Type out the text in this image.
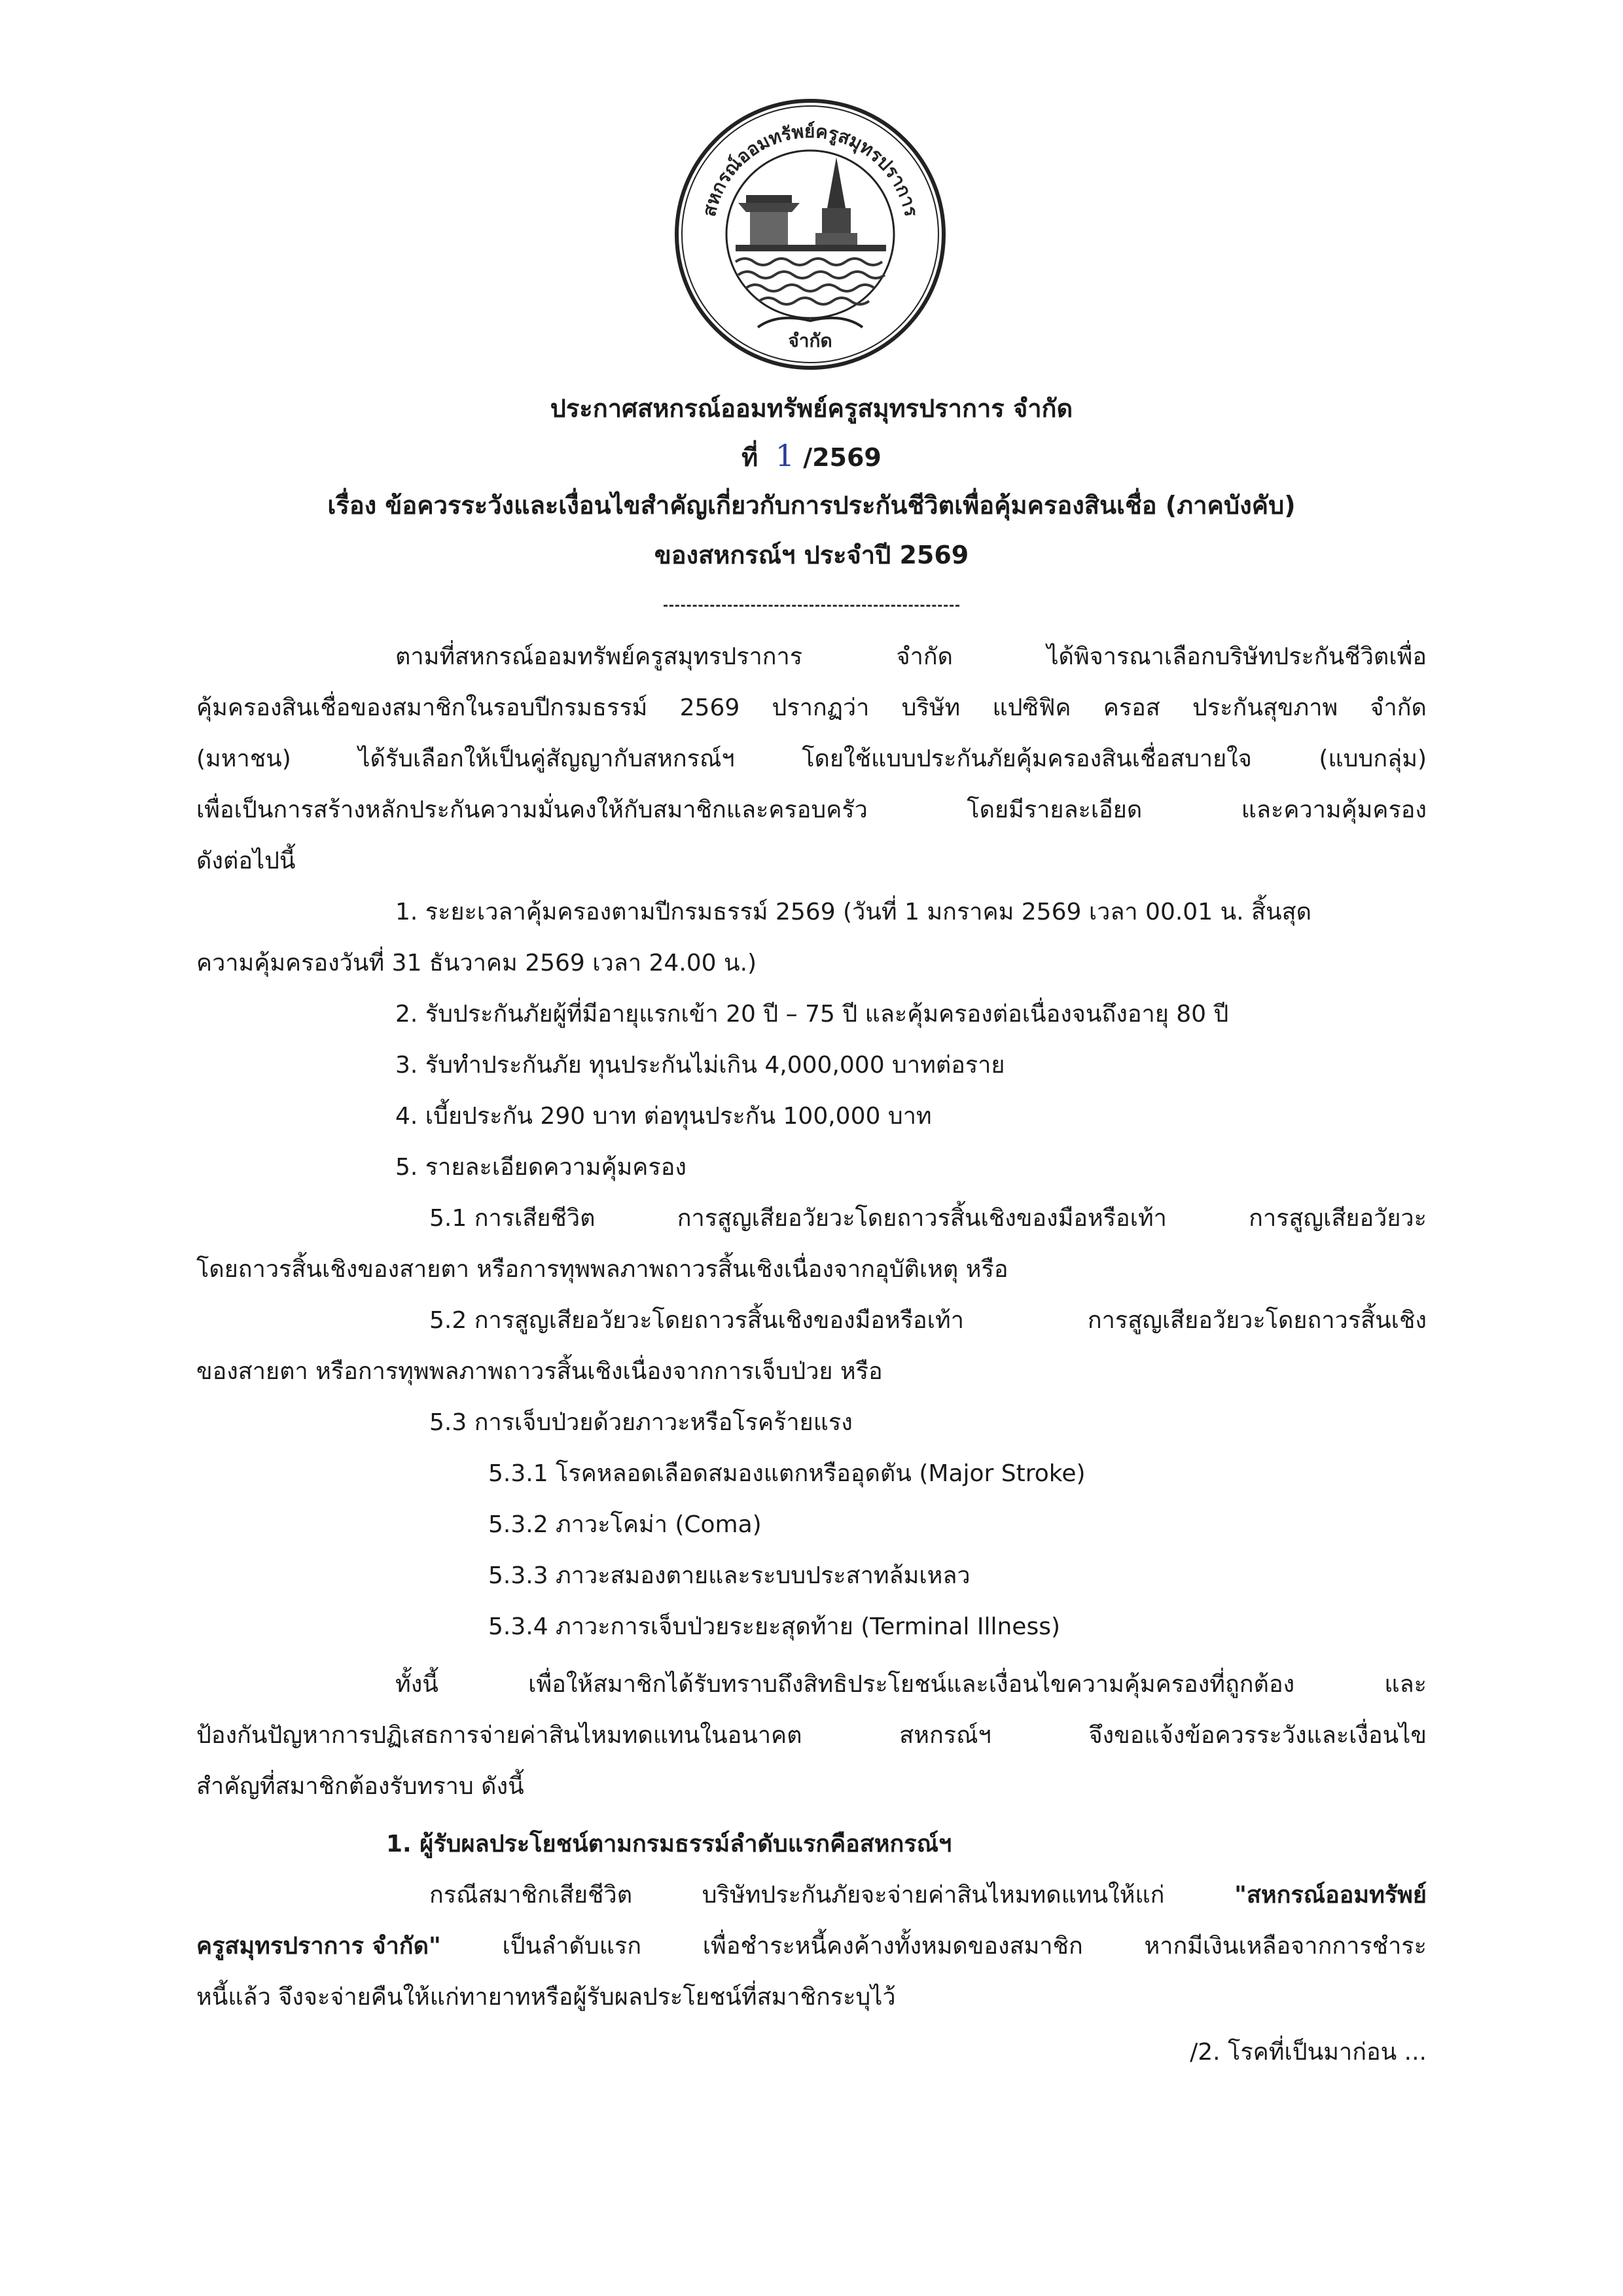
สหกรณ์ออมทรัพย์ครูสมุทรปราการ
จำกัด
ประกาศสหกรณ์ออมทรัพย์ครูสมุทรปราการ จำกัด
ที่ 1 /2569
เรื่อง ข้อควรระวังและเงื่อนไขสำคัญเกี่ยวกับการประกันชีวิตเพื่อคุ้มครองสินเชื่อ (ภาคบังคับ)
ของสหกรณ์ฯ ประจำปี 2569
ตามที่สหกรณ์ออมทรัพย์ครูสมุทรปราการ	จำกัด	ได้พิจารณาเลือกบริษัทประกันชีวิตเพื่อ
คุ้มครองสินเชื่อของสมาชิกในรอบปีกรมธรรม์ 2569 ปรากฏว่า บริษัท แปซิฟิค ครอส ประกันสุขภาพ จำกัด
(มหาชน)	ได้รับเลือกให้เป็นคู่สัญญากับสหกรณ์ฯ	โดยใช้แบบประกันภัยคุ้มครองสินเชื่อสบายใจ	(แบบกลุ่ม)
เพื่อเป็นการสร้างหลักประกันความมั่นคงให้กับสมาชิกและครอบครัว	โดยมีรายละเอียด	และความคุ้มครอง
ดังต่อไปนี้
1. ระยะเวลาคุ้มครองตามปีกรมธรรม์ 2569 (วันที่ 1 มกราคม 2569 เวลา 00.01 น. สิ้นสุด
ความคุ้มครองวันที่ 31 ธันวาคม 2569 เวลา 24.00 น.)
2. รับประกันภัยผู้ที่มีอายุแรกเข้า 20 ปี – 75 ปี และคุ้มครองต่อเนื่องจนถึงอายุ 80 ปี
3. รับทำประกันภัย ทุนประกันไม่เกิน 4,000,000 บาทต่อราย
4. เบี้ยประกัน 290 บาท ต่อทุนประกัน 100,000 บาท
5. รายละเอียดความคุ้มครอง
5.1 การเสียชีวิต	การสูญเสียอวัยวะโดยถาวรสิ้นเชิงของมือหรือเท้า	การสูญเสียอวัยวะ
โดยถาวรสิ้นเชิงของสายตา หรือการทุพพลภาพถาวรสิ้นเชิงเนื่องจากอุบัติเหตุ หรือ
5.2 การสูญเสียอวัยวะโดยถาวรสิ้นเชิงของมือหรือเท้า	การสูญเสียอวัยวะโดยถาวรสิ้นเชิง
ของสายตา หรือการทุพพลภาพถาวรสิ้นเชิงเนื่องจากการเจ็บป่วย หรือ
5.3 การเจ็บป่วยด้วยภาวะหรือโรคร้ายแรง
5.3.1 โรคหลอดเลือดสมองแตกหรืออุดตัน (Major Stroke)
5.3.2 ภาวะโคม่า (Coma)
5.3.3 ภาวะสมองตายและระบบประสาทล้มเหลว
5.3.4 ภาวะการเจ็บป่วยระยะสุดท้าย (Terminal Illness)
ทั้งนี้	เพื่อให้สมาชิกได้รับทราบถึงสิทธิประโยชน์และเงื่อนไขความคุ้มครองที่ถูกต้อง	และ
ป้องกันปัญหาการปฏิเสธการจ่ายค่าสินไหมทดแทนในอนาคต	สหกรณ์ฯ	จึงขอแจ้งข้อควรระวังและเงื่อนไข
สำคัญที่สมาชิกต้องรับทราบ ดังนี้
1. ผู้รับผลประโยชน์ตามกรมธรรม์ลำดับแรกคือสหกรณ์ฯ
กรณีสมาชิกเสียชีวิต	บริษัทประกันภัยจะจ่ายค่าสินไหมทดแทนให้แก่	"สหกรณ์ออมทรัพย์
ครูสมุทรปราการ จำกัด"	เป็นลำดับแรก	เพื่อชำระหนี้คงค้างทั้งหมดของสมาชิก	หากมีเงินเหลือจากการชำระ
หนี้แล้ว จึงจะจ่ายคืนให้แก่ทายาทหรือผู้รับผลประโยชน์ที่สมาชิกระบุไว้
/2. โรคที่เป็นมาก่อน ...
